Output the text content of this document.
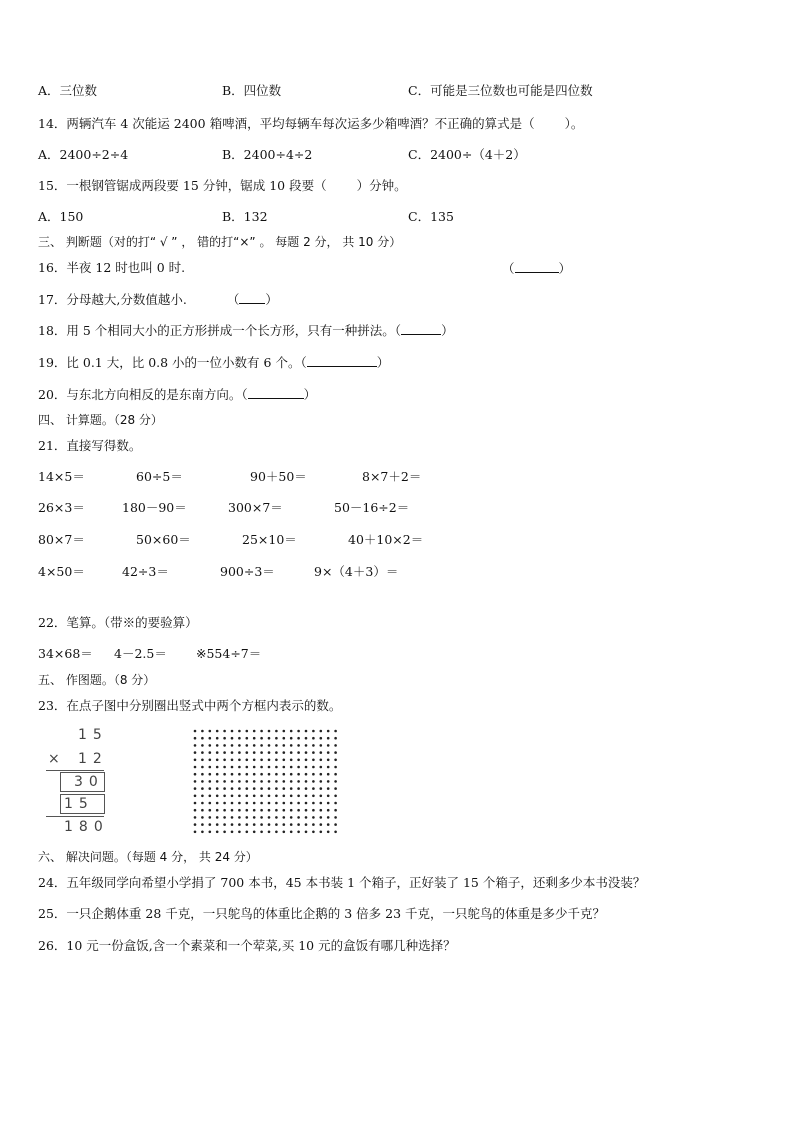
A．三位数	B．四位数	C．可能是三位数也可能是四位数
14．两辆汽车 4 次能运 2400 箱啤酒，平均每辆车每次运多少箱啤酒？不正确的算式是（ ）。
A．2400÷2÷4	B．2400÷4÷2	C．2400÷（4＋2）
15．一根钢管锯成两段要 15 分钟，锯成 10 段要（ ）分钟。
A．150	B．132	C．135
三、 判断题（对的打“ √ ” ， 错的打“×” 。 每题 2 分， 共 10 分）
16．半夜 12 时也叫 0 时.	（	）
17．分母越大,分数值越小.	（ ）
18．用 5 个相同大小的正方形拼成一个长方形，只有一种拼法。（	）
19．比 0.1 大，比 0.8 小的一位小数有 6 个。（	）
20．与东北方向相反的是东南方向。（	）
四、 计算题。（28 分）
21．直接写得数。
14×5＝	60÷5＝	90＋50＝	8×7＋2＝
26×3＝	180－90＝	300×7＝	50－16÷2＝
80×7＝	50×60＝	25×10＝	40＋10×2＝
4×50＝	42÷3＝	900÷3＝	9×（4＋3）＝
22．笔算。（带※的要验算）
34×68＝ 4－2.5＝ ※554÷7＝
五、 作图题。（8 分）
23．在点子图中分别圈出竖式中两个方框内表示的数。
15
× 12
30
15
180
六、 解决问题。（每题 4 分， 共 24 分）
24．五年级同学向希望小学捐了 700 本书，45 本书装 1 个箱子，正好装了 15 个箱子，还剩多少本书没装？
25．一只企鹅体重 28 千克，一只鸵鸟的体重比企鹅的 3 倍多 23 千克，一只鸵鸟的体重是多少千克？
26．10 元一份盒饭,含一个素菜和一个荤菜,买 10 元的盒饭有哪几种选择？
